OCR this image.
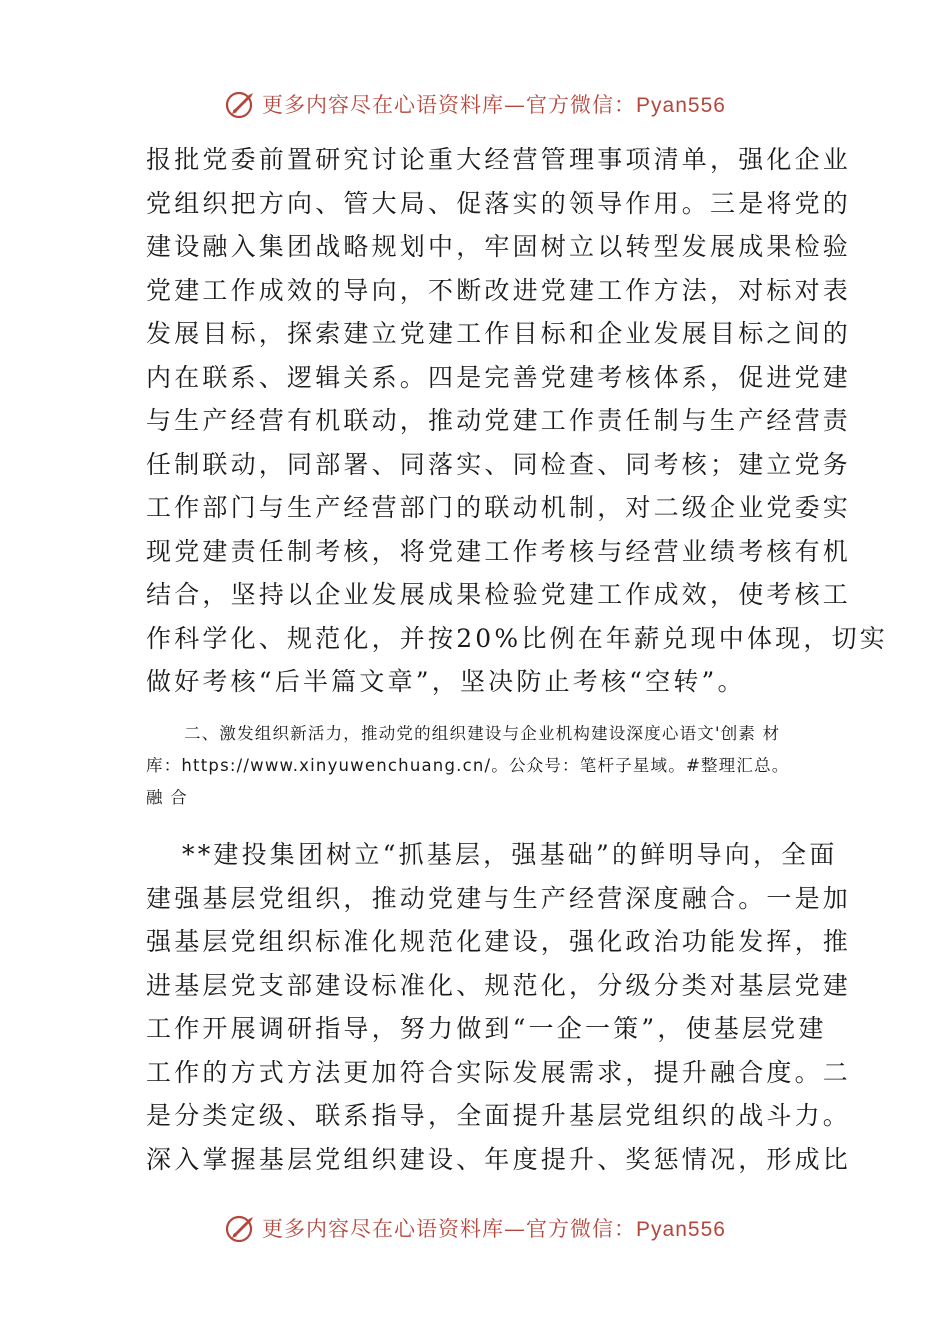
更多内容尽在心语资料库—官方微信：Pyan556

报批党委前置研究讨论重大经营管理事项清单，强化企业
党组织把方向、管大局、促落实的领导作用。三是将党的
建设融入集团战略规划中，牢固树立以转型发展成果检验
党建工作成效的导向，不断改进党建工作方法，对标对表
发展目标，探索建立党建工作目标和企业发展目标之间的
内在联系、逻辑关系。四是完善党建考核体系，促进党建
与生产经营有机联动，推动党建工作责任制与生产经营责
任制联动，同部署、同落实、同检查、同考核；建立党务
工作部门与生产经营部门的联动机制，对二级企业党委实
现党建责任制考核，将党建工作考核与经营业绩考核有机
结合，坚持以企业发展成果检验党建工作成效，使考核工
作科学化、规范化，并按20%比例在年薪兑现中体现，切实
做好考核“后半篇文章”，坚决防止考核“空转”。

二、激发组织新活力，推动党的组织建设与企业机构建设深度心语文'创素 材库：https://www.xinyuwenchuang.cn/。公众号：笔杆子星域。#整理汇总。融 合

**建投集团树立“抓基层，强基础”的鲜明导向，全面
建强基层党组织，推动党建与生产经营深度融合。一是加
强基层党组织标准化规范化建设，强化政治功能发挥，推
进基层党支部建设标准化、规范化，分级分类对基层党建
工作开展调研指导，努力做到“一企一策”，使基层党建
工作的方式方法更加符合实际发展需求，提升融合度。二
是分类定级、联系指导，全面提升基层党组织的战斗力。
深入掌握基层党组织建设、年度提升、奖惩情况，形成比

更多内容尽在心语资料库—官方微信：Pyan556
